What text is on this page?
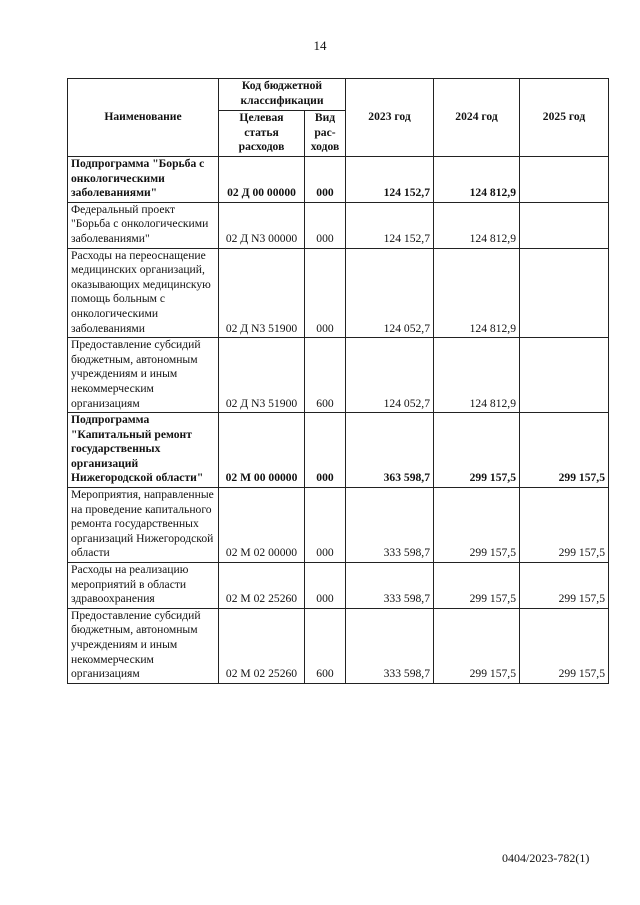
14
Наименование	Код бюджетной классификации		2023 год	2024 год	2025 год
	Целевая статья расходов	Вид рас-ходов			
Подпрограмма "Борьба с онкологическими заболеваниями"	02 Д 00 00000	000	124 152,7	124 812,9	
Федеральный проект "Борьба с онкологическими заболеваниями"	02 Д N3 00000	000	124 152,7	124 812,9	
Расходы на переоснащение медицинских организаций, оказывающих медицинскую помощь больным с онкологическими заболеваниями	02 Д N3 51900	000	124 052,7	124 812,9	
Предоставление субсидий бюджетным, автономным учреждениям и иным некоммерческим организациям	02 Д N3 51900	600	124 052,7	124 812,9	
Подпрограмма "Капитальный ремонт государственных организаций Нижегородской области"	02 М 00 00000	000	363 598,7	299 157,5	299 157,5
Мероприятия, направленные на проведение капитального ремонта государственных организаций Нижегородской области	02 М 02 00000	000	333 598,7	299 157,5	299 157,5
Расходы на реализацию мероприятий в области здравоохранения	02 М 02 25260	000	333 598,7	299 157,5	299 157,5
Предоставление субсидий бюджетным, автономным учреждениям и иным некоммерческим организациям	02 М 02 25260	600	333 598,7	299 157,5	299 157,5
0404/2023-782(1)
